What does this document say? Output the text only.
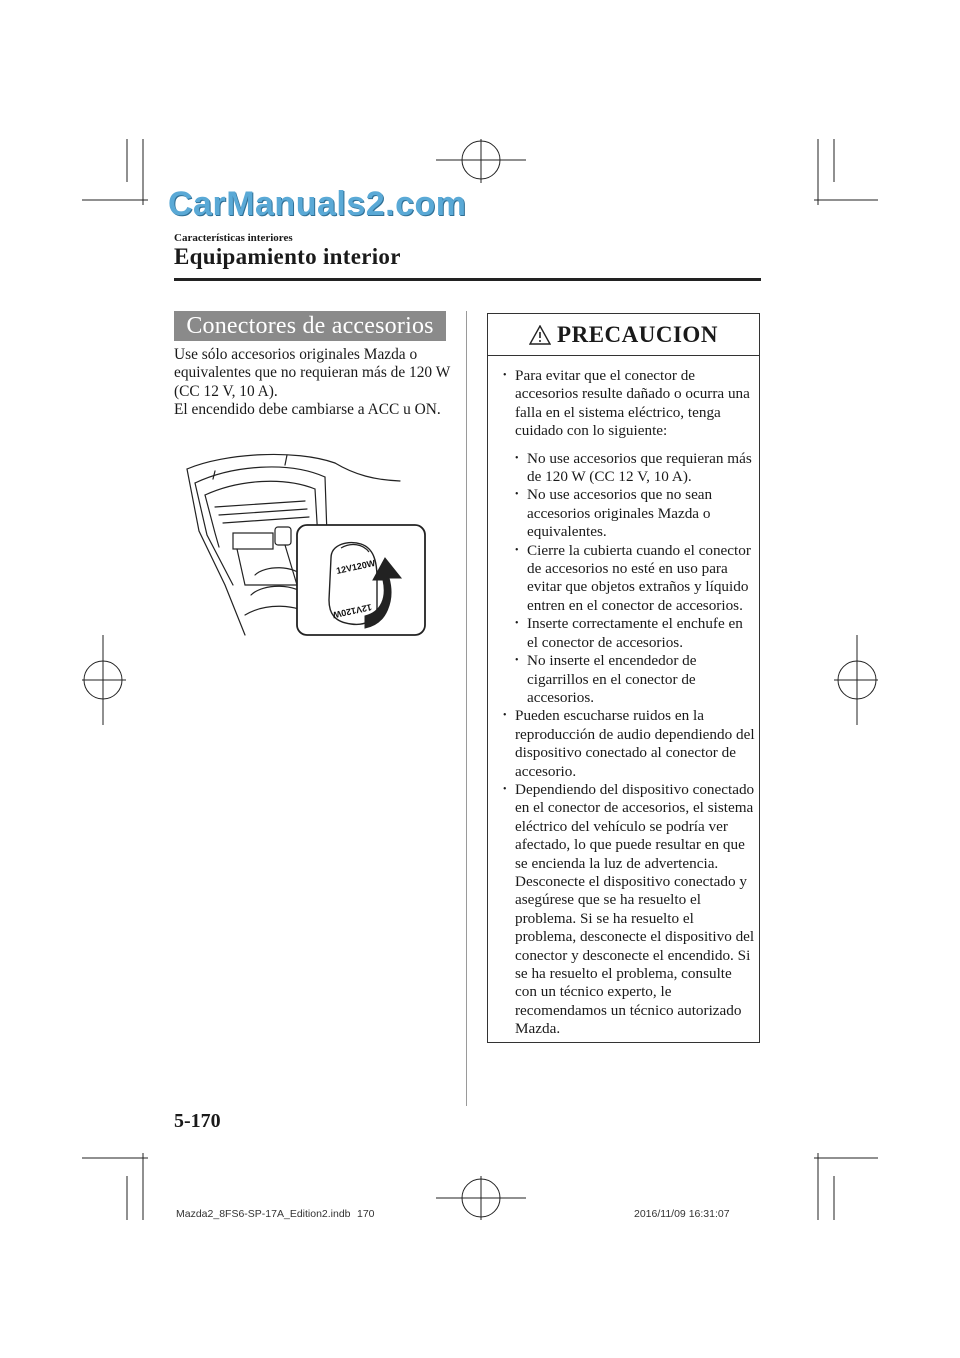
CarManuals2.com
Características interiores
Equipamiento interior
Conectores de accesorios

Use sólo accesorios originales Mazda o equivalentes que no requieran más de 120 W (CC 12 V, 10 A).

El encendido debe cambiarse a ACC u ON.

12V120W
12V120W
PRECAUCION

• Para evitar que el conector de accesorios resulte dañado o ocurra una falla en el sistema eléctrico, tenga cuidado con lo siguiente:

• No use accesorios que requieran más de 120 W (CC 12 V, 10 A).

• No use accesorios que no sean accesorios originales Mazda o equivalentes.

• Cierre la cubierta cuando el conector de accesorios no esté en uso para evitar que objetos extraños y líquido entren en el conector de accesorios.

• Inserte correctamente el enchufe en el conector de accesorios.

• No inserte el encendedor de cigarrillos en el conector de accesorios.

• Pueden escucharse ruidos en la reproducción de audio dependiendo del dispositivo conectado al conector de accesorio.

• Dependiendo del dispositivo conectado en el conector de accesorios, el sistema eléctrico del vehículo se podría ver afectado, lo que puede resultar en que se encienda la luz de advertencia. Desconecte el dispositivo conectado y asegúrese que se ha resuelto el problema. Si se ha resuelto el problema, desconecte el dispositivo del conector y desconecte el encendido. Si se ha resuelto el problema, consulte con un técnico experto, le recomendamos un técnico autorizado Mazda.

5-170
Mazda2_8FS6-SP-17A_Edition2.indb 170	2016/11/09 16:31:07
